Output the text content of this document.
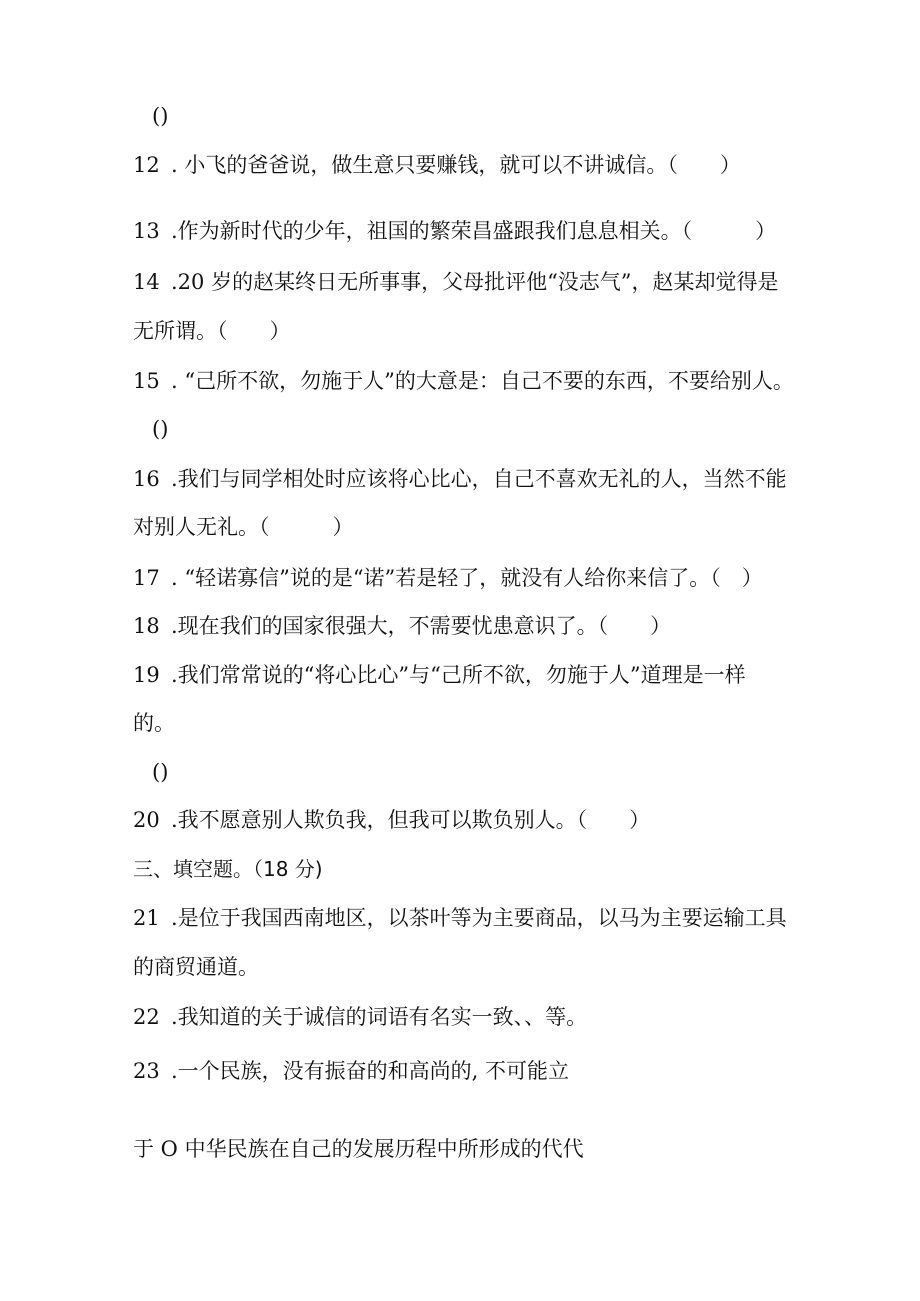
()
12 . 小飞的爸爸说，做生意只要赚钱，就可以不讲诚信。（　　）
13 .作为新时代的少年，祖国的繁荣昌盛跟我们息息相关。（　　　）
14 .20 岁的赵某终日无所事事，父母批评他“没志气”，赵某却觉得是
无所谓。（　　）
15 . “己所不欲，勿施于人”的大意是：自己不要的东西，不要给别人。
()
16 .我们与同学相处时应该将心比心，自己不喜欢无礼的人，当然不能
对别人无礼。（　　　）
17 . “轻诺寡信”说的是“诺”若是轻了，就没有人给你来信了。（　）
18 .现在我们的国家很强大，不需要忧患意识了。（　　）
19 .我们常常说的“将心比心”与“己所不欲，勿施于人”道理是一样
的。
()
20 .我不愿意别人欺负我，但我可以欺负别人。（　　）
三、填空题。（18 分)
21 .是位于我国西南地区，以茶叶等为主要商品，以马为主要运输工具
的商贸通道。
22 .我知道的关于诚信的词语有名实一致、、等。
23 .一个民族，没有振奋的和高尚的, 不可能立
于 O 中华民族在自己的发展历程中所形成的代代
